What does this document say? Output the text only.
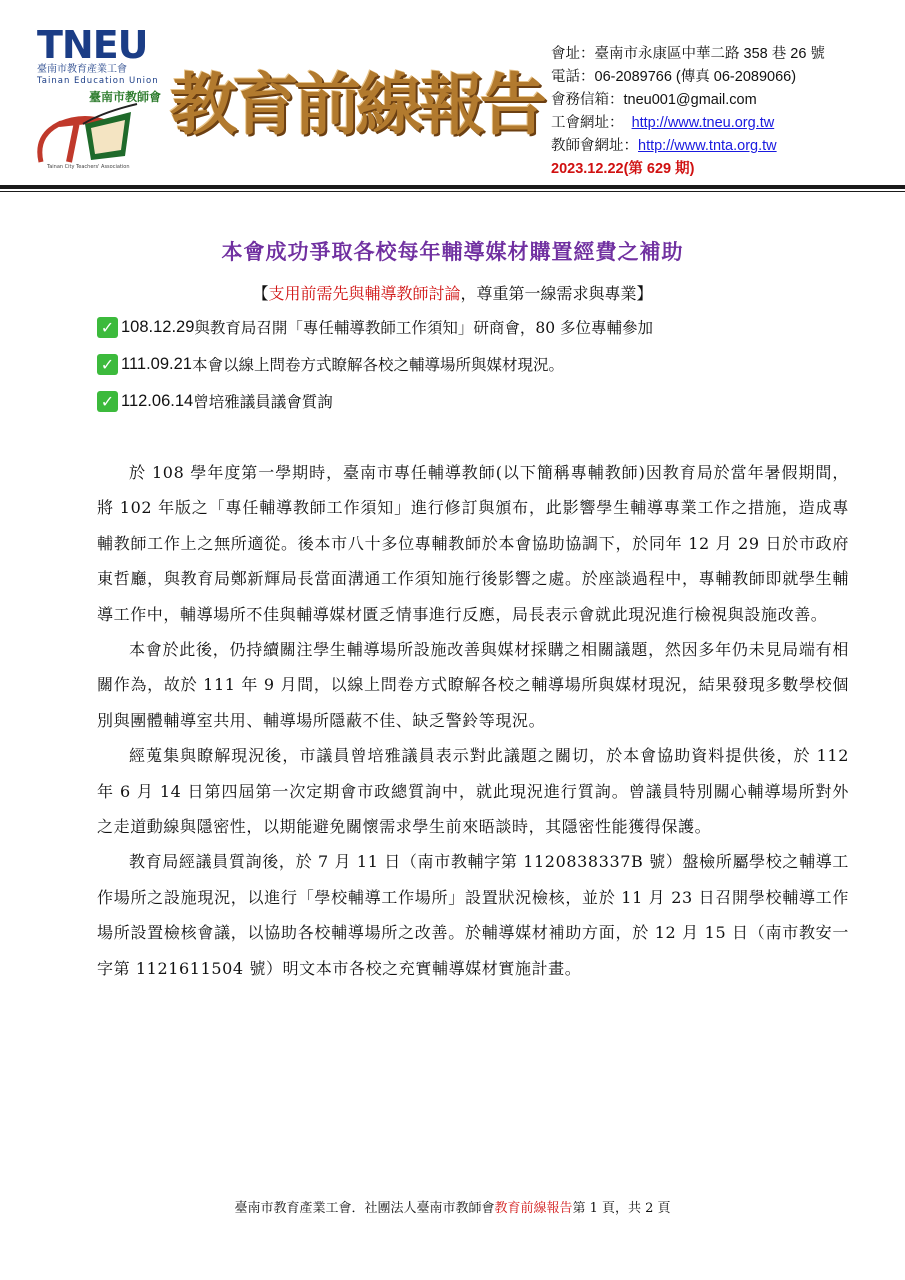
TNEU
臺南市教育產業工會
Tainan Education Union
臺南市教師會
Tainan City Teachers' Association
教育前線報告
會址：臺南市永康區中華二路 358 巷 26 號
電話：06-2089766 (傳真 06-2089066)
會務信箱：tneu001@gmail.com
工會網址： http://www.tneu.org.tw
教師會網址：http://www.tnta.org.tw
2023.12.22(第 629 期)
本會成功爭取各校每年輔導媒材購置經費之補助
【支用前需先與輔導教師討論，尊重第一線需求與專業】
✓ 108.12.29 與教育局召開「專任輔導教師工作須知」研商會，80 多位專輔參加
✓ 111.09.21 本會以線上問卷方式瞭解各校之輔導場所與媒材現況。
✓ 112.06.14 曾培雅議員議會質詢

於 108 學年度第一學期時，臺南市專任輔導教師(以下簡稱專輔教師)因教育局於當年暑假期間，將 102 年版之「專任輔導教師工作須知」進行修訂與頒布，此影響學生輔導專業工作之措施，造成專輔教師工作上之無所適從。後本市八十多位專輔教師於本會協助協調下，於同年 12 月 29 日於市政府東哲廳，與教育局鄭新輝局長當面溝通工作須知施行後影響之處。於座談過程中，專輔教師即就學生輔導工作中，輔導場所不佳與輔導媒材匱乏情事進行反應，局長表示會就此現況進行檢視與設施改善。

本會於此後，仍持續關注學生輔導場所設施改善與媒材採購之相關議題，然因多年仍未見局端有相關作為，故於 111 年 9 月間，以線上問卷方式瞭解各校之輔導場所與媒材現況，結果發現多數學校個別與團體輔導室共用、輔導場所隱蔽不佳、缺乏警鈴等現況。

經蒐集與瞭解現況後，市議員曾培雅議員表示對此議題之關切，於本會協助資料提供後，於 112 年 6 月 14 日第四屆第一次定期會市政總質詢中，就此現況進行質詢。曾議員特別關心輔導場所對外之走道動線與隱密性，以期能避免關懷需求學生前來晤談時，其隱密性能獲得保護。

教育局經議員質詢後，於 7 月 11 日（南市教輔字第 1120838337B 號）盤檢所屬學校之輔導工作場所之設施現況，以進行「學校輔導工作場所」設置狀況檢核，並於 11 月 23 日召開學校輔導工作場所設置檢核會議，以協助各校輔導場所之改善。於輔導媒材補助方面，於 12 月 15 日（南市教安一字第 1121611504 號）明文本市各校之充實輔導媒材實施計畫。

臺南市教育產業工會．社團法人臺南市教師會教育前線報告第 1 頁，共 2 頁
